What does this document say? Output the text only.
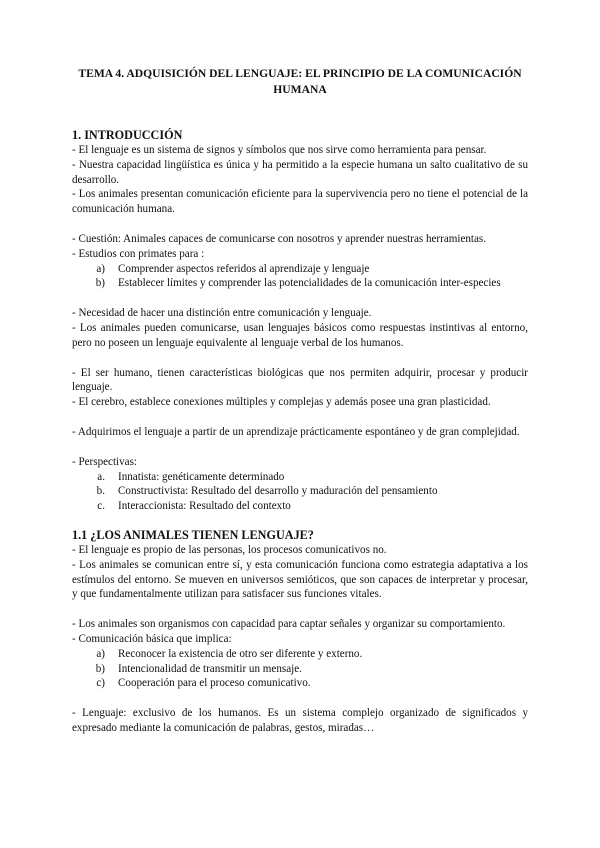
TEMA 4. ADQUISICIÓN DEL LENGUAJE: EL PRINCIPIO DE LA COMUNICACIÓN
HUMANA
1. INTRODUCCIÓN

- El lenguaje es un sistema de signos y símbolos que nos sirve como herramienta para pensar.

- Nuestra capacidad lingüística es única y ha permitido a la especie humana un salto cualitativo de su desarrollo.

- Los animales presentan comunicación eficiente para la supervivencia pero no tiene el potencial de la comunicación humana.

- Cuestión: Animales capaces de comunicarse con nosotros y aprender nuestras herramientas.

- Estudios con primates para :

a)	Comprender aspectos referidos al aprendizaje y lenguaje
b)	Establecer límites y comprender las potencialidades de la comunicación inter-especies

- Necesidad de hacer una distinción entre comunicación y lenguaje.

- Los animales pueden comunicarse, usan lenguajes básicos como respuestas instintivas al entorno, pero no poseen un lenguaje equivalente al lenguaje verbal de los humanos.

- El ser humano, tienen características biológicas que nos permiten adquirir, procesar y producir lenguaje.

- El cerebro, establece conexiones múltiples y complejas y además posee una gran plasticidad.

- Adquirimos el lenguaje a partir de un aprendizaje prácticamente espontáneo y de gran complejidad.

- Perspectivas:

a.	Innatista: genéticamente determinado
b.	Constructivista: Resultado del desarrollo y maduración del pensamiento
c.	Interaccionista: Resultado del contexto
1.1 ¿LOS ANIMALES TIENEN LENGUAJE?

- El lenguaje es propio de las personas, los procesos comunicativos no.

- Los animales se comunican entre sí, y esta comunicación funciona como estrategia adaptativa a los estímulos del entorno. Se mueven en universos semióticos, que son capaces de interpretar y procesar, y que fundamentalmente utilizan para satisfacer sus funciones vitales.

- Los animales son organismos con capacidad para captar señales y organizar su comportamiento.

- Comunicación básica que implica:

a)	Reconocer la existencia de otro ser diferente y externo.
b)	Intencionalidad de transmitir un mensaje.
c)	Cooperación para el proceso comunicativo.

- Lenguaje: exclusivo de los humanos. Es un sistema complejo organizado de significados y expresado mediante la comunicación de palabras, gestos, miradas…
